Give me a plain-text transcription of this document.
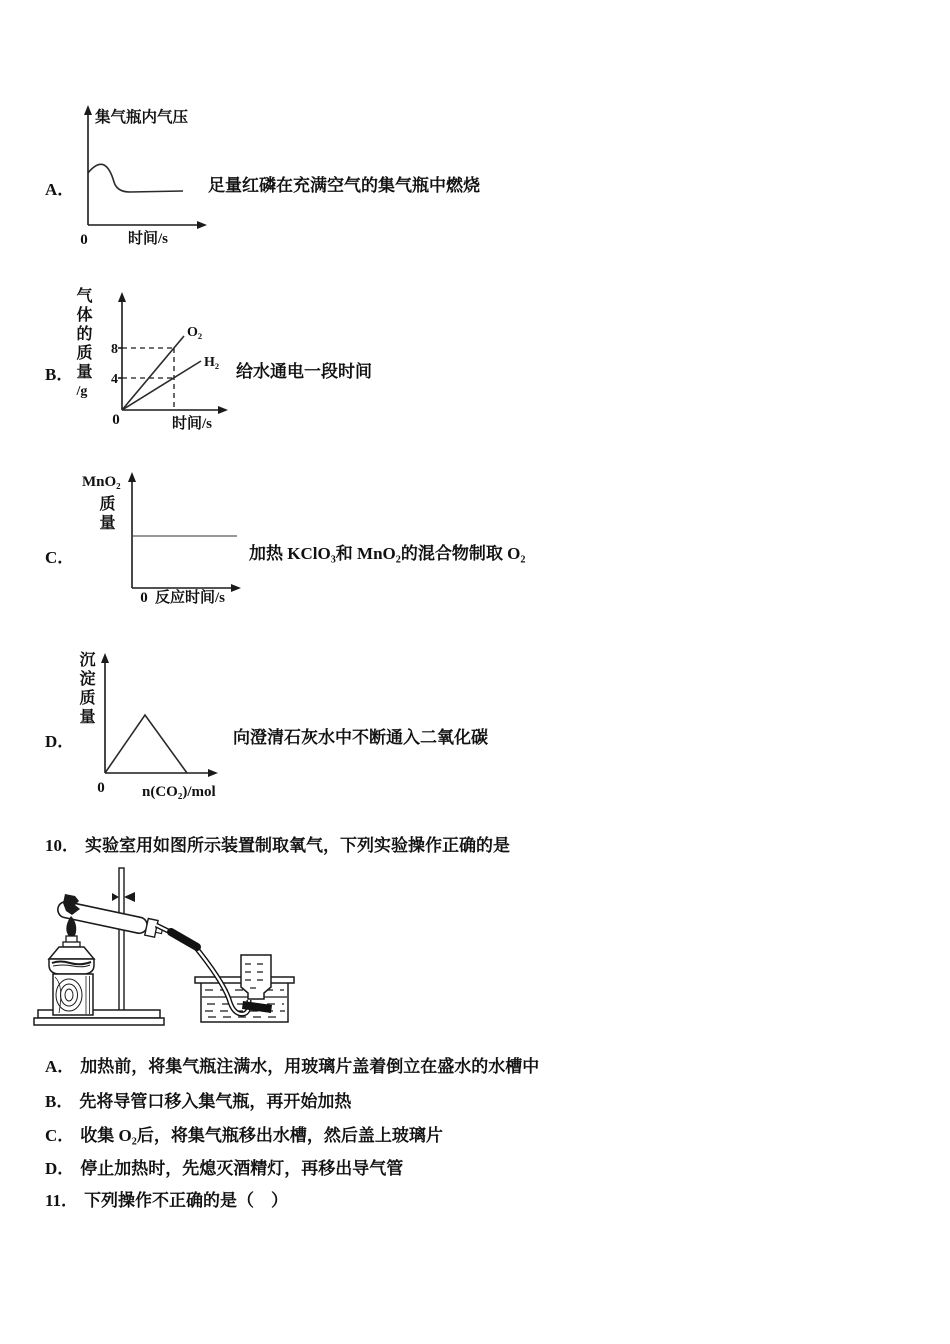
A．
集气瓶内气压
0	时间/s
足量红磷在充满空气的集气瓶中燃烧
B． 气体的质量
/g
8
4
O₂
H₂
0	时间/s
给水通电一段时间
C．
MnO₂
质量
0 反应时间/s
加热 KClO₃和 MnO₂的混合物制取 O₂
D．
沉淀质量
0 n(CO₂)/mol
向澄清石灰水中不断通入二氧化碳
10． 实验室用如图所示装置制取氧气，下列实验操作正确的是
A． 加热前，将集气瓶注满水，用玻璃片盖着倒立在盛水的水槽中
B． 先将导管口移入集气瓶，再开始加热
C． 收集 O₂后，将集气瓶移出水槽，然后盖上玻璃片
D． 停止加热时，先熄灭酒精灯，再移出导气管
11． 下列操作不正确的是（　）
